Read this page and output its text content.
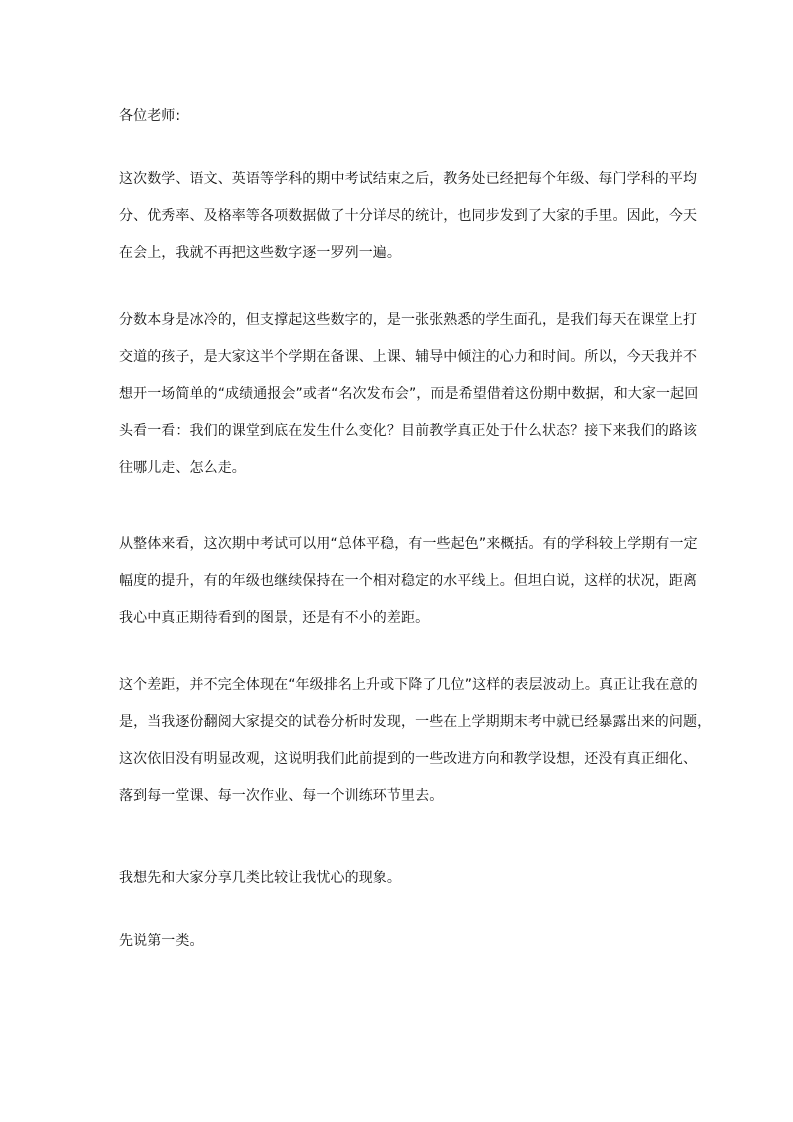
各位老师:

这次数学、语文、英语等学科的期中考试结束之后，教务处已经把每个年级、每门学科的平均
分、优秀率、及格率等各项数据做了十分详尽的统计，也同步发到了大家的手里。因此，今天
在会上，我就不再把这些数字逐一罗列一遍。

分数本身是冰冷的，但支撑起这些数字的，是一张张熟悉的学生面孔，是我们每天在课堂上打
交道的孩子，是大家这半个学期在备课、上课、辅导中倾注的心力和时间。所以，今天我并不
想开一场简单的“成绩通报会”或者“名次发布会”，而是希望借着这份期中数据，和大家一起回
头看一看：我们的课堂到底在发生什么变化？目前教学真正处于什么状态？接下来我们的路该
往哪儿走、怎么走。

从整体来看，这次期中考试可以用“总体平稳，有一些起色”来概括。有的学科较上学期有一定
幅度的提升，有的年级也继续保持在一个相对稳定的水平线上。但坦白说，这样的状况，距离
我心中真正期待看到的图景，还是有不小的差距。

这个差距，并不完全体现在“年级排名上升或下降了几位”这样的表层波动上。真正让我在意的
是，当我逐份翻阅大家提交的试卷分析时发现，一些在上学期期末考中就已经暴露出来的问题，
这次依旧没有明显改观，这说明我们此前提到的一些改进方向和教学设想，还没有真正细化、
落到每一堂课、每一次作业、每一个训练环节里去。

我想先和大家分享几类比较让我忧心的现象。

先说第一类。
